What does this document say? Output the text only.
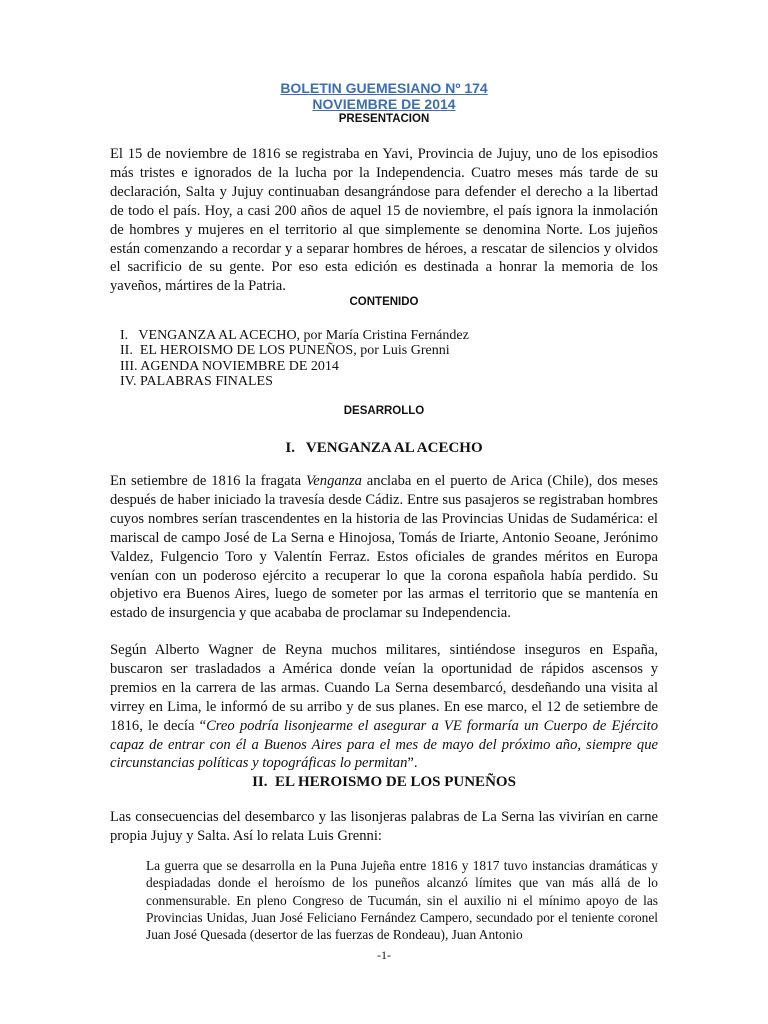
BOLETIN GUEMESIANO Nº 174
NOVIEMBRE DE 2014
PRESENTACION

El 15 de noviembre de 1816 se registraba en Yavi, Provincia de Jujuy, uno de los episodios más tristes e ignorados de la lucha por la Independencia. Cuatro meses más tarde de su declaración, Salta y Jujuy continuaban desangrándose para defender el derecho a la libertad de todo el país. Hoy, a casi 200 años de aquel 15 de noviembre, el país ignora la inmolación de hombres y mujeres en el territorio al que simplemente se denomina Norte. Los jujeños están comenzando a recordar y a separar hombres de héroes, a rescatar de silencios y olvidos el sacrificio de su gente. Por eso esta edición es destinada a honrar la memoria de los yaveños, mártires de la Patria.

CONTENIDO
I.   VENGANZA AL ACECHO, por María Cristina Fernández
II.  EL HEROISMO DE LOS PUNEÑOS, por Luis Grenni
III. AGENDA NOVIEMBRE DE 2014
IV. PALABRAS FINALES
DESARROLLO
I.   VENGANZA AL ACECHO

En setiembre de 1816 la fragata Venganza anclaba en el puerto de Arica (Chile), dos meses después de haber iniciado la travesía desde Cádiz. Entre sus pasajeros se registraban hombres cuyos nombres serían trascendentes en la historia de las Provincias Unidas de Sudamérica: el mariscal de campo José de La Serna e Hinojosa, Tomás de Iriarte, Antonio Seoane, Jerónimo Valdez, Fulgencio Toro y Valentín Ferraz. Estos oficiales de grandes méritos en Europa venían con un poderoso ejército a recuperar lo que la corona española había perdido. Su objetivo era Buenos Aires, luego de someter por las armas el territorio que se mantenía en estado de insurgencia y que acababa de proclamar su Independencia.

Según Alberto Wagner de Reyna muchos militares, sintiéndose inseguros en España, buscaron ser trasladados a América donde veían la oportunidad de rápidos ascensos y premios en la carrera de las armas. Cuando La Serna desembarcó, desdeñando una visita al virrey en Lima, le informó de su arribo y de sus planes. En ese marco, el 12 de setiembre de 1816, le decía “Creo podría lisonjearme el asegurar a VE formaría un Cuerpo de Ejército capaz de entrar con él a Buenos Aires para el mes de mayo del próximo año, siempre que circunstancias políticas y topográficas lo permitan”.

II.  EL HEROISMO DE LOS PUNEÑOS

Las consecuencias del desembarco y las lisonjeras palabras de La Serna las vivirían en carne propia Jujuy y Salta. Así lo relata Luis Grenni:

La guerra que se desarrolla en la Puna Jujeña entre 1816 y 1817 tuvo instancias dramáticas y despiadadas donde el heroísmo de los puneños alcanzó límites que van más allá de lo conmensurable. En pleno Congreso de Tucumán, sin el auxilio ni el mínimo apoyo de las Provincias Unidas, Juan José Feliciano Fernández Campero, secundado por el teniente coronel Juan José Quesada (desertor de las fuerzas de Rondeau), Juan Antonio

-1-
